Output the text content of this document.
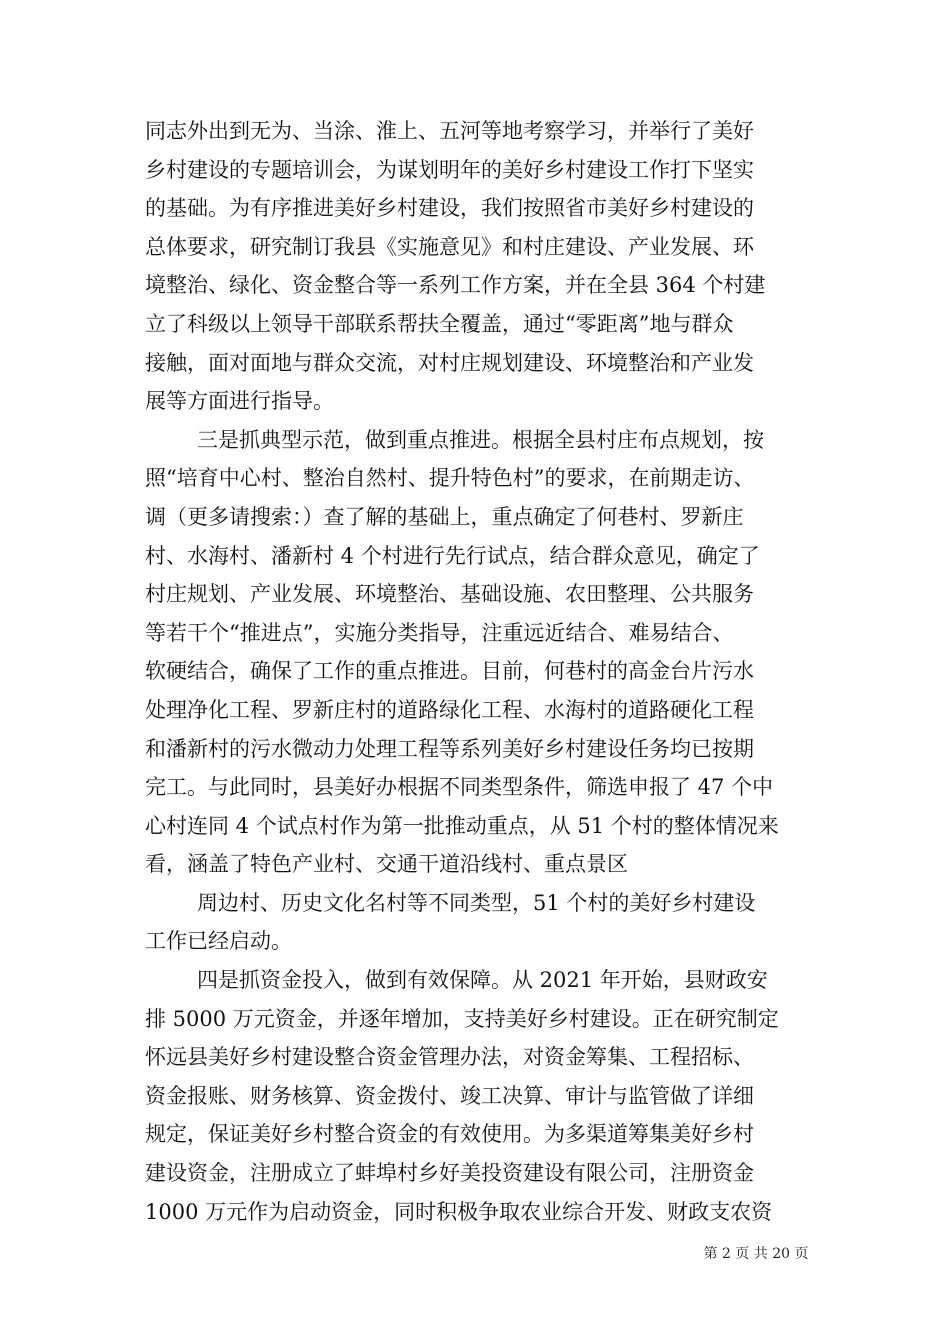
同志外出到无为、当涂、淮上、五河等地考察学习，并举行了美好
乡村建设的专题培训会，为谋划明年的美好乡村建设工作打下坚实
的基础。为有序推进美好乡村建设，我们按照省市美好乡村建设的
总体要求，研究制订我县《实施意见》和村庄建设、产业发展、环
境整治、绿化、资金整合等一系列工作方案，并在全县 364 个村建
立了科级以上领导干部联系帮扶全覆盖，通过“零距离”地与群众
接触，面对面地与群众交流，对村庄规划建设、环境整治和产业发
展等方面进行指导。
三是抓典型示范，做到重点推进。根据全县村庄布点规划，按
照“培育中心村、整治自然村、提升特色村”的要求，在前期走访、
调（更多请搜索：）查了解的基础上，重点确定了何巷村、罗新庄
村、水海村、潘新村 4 个村进行先行试点，结合群众意见，确定了
村庄规划、产业发展、环境整治、基础设施、农田整理、公共服务
等若干个“推进点”，实施分类指导，注重远近结合、难易结合、
软硬结合，确保了工作的重点推进。目前，何巷村的高金台片污水
处理净化工程、罗新庄村的道路绿化工程、水海村的道路硬化工程
和潘新村的污水微动力处理工程等系列美好乡村建设任务均已按期
完工。与此同时，县美好办根据不同类型条件，筛选申报了 47 个中
心村连同 4 个试点村作为第一批推动重点，从 51 个村的整体情况来
看，涵盖了特色产业村、交通干道沿线村、重点景区
周边村、历史文化名村等不同类型，51 个村的美好乡村建设
工作已经启动。
四是抓资金投入，做到有效保障。从 2021 年开始，县财政安
排 5000 万元资金，并逐年增加，支持美好乡村建设。正在研究制定
怀远县美好乡村建设整合资金管理办法，对资金筹集、工程招标、
资金报账、财务核算、资金拨付、竣工决算、审计与监管做了详细
规定，保证美好乡村整合资金的有效使用。为多渠道筹集美好乡村
建设资金，注册成立了蚌埠村乡好美投资建设有限公司，注册资金
1000 万元作为启动资金，同时积极争取农业综合开发、财政支农资
第 2 页 共 20 页
